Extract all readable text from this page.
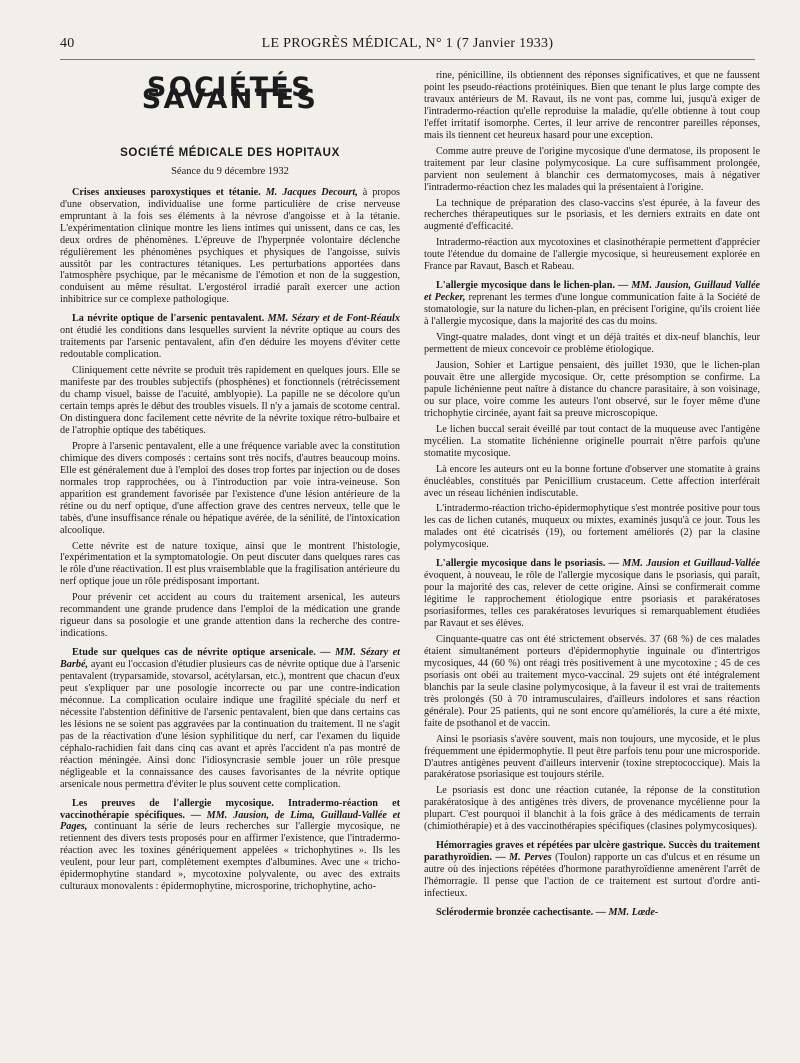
40	LE PROGRÈS MÉDICAL, N° 1 (7 Janvier 1933)
SOCIÉTÉS SAVANTES
SOCIÉTÉ MÉDICALE DES HOPITAUX
Séance du 9 décembre 1932

Crises anxieuses paroxystiques et tétanie. M. Jacques Decourt, à propos d'une observation, individualise une forme particulière de crise nerveuse empruntant à la fois ses éléments à la névrose d'angoisse et à la tétanie. L'expérimentation clinique montre les liens intimes qui unissent, dans ce cas, les deux ordres de phénomènes. L'épreuve de l'hyperpnée volontaire déclenche régulièrement les phénomènes psychiques et physiques de l'angoisse, suivis aussitôt par les contractures tétaniques. Les perturbations apportées dans l'atmosphère psychique, par le mécanisme de l'émotion et non de la suggestion, conduisent au même résultat. L'ergostérol irradié paraît exercer une action inhibitrice sur ce complexe pathologique.

La névrite optique de l'arsenic pentavalent. MM. Sézary et de Font-Réaulx ont étudié les conditions dans lesquelles survient la névrite optique au cours des traitements par l'arsenic pentavalent, afin d'en déduire les moyens d'éviter cette redoutable complication.

Cliniquement cette névrite se produit très rapidement en quelques jours. Elle se manifeste par des troubles subjectifs (phosphènes) et fonctionnels (rétrécissement du champ visuel, baisse de l'acuité, amblyopie). La papille ne se décolore qu'un certain temps après le début des troubles visuels. Il n'y a jamais de scotome central. On distinguera donc facilement cette névrite de la névrite toxique rétro-bulbaire et de l'atrophie optique des tabétiques.

Propre à l'arsenic pentavalent, elle a une fréquence variable avec la constitution chimique des divers composés : certains sont très nocifs, d'autres beaucoup moins. Elle est généralement due à l'emploi des doses trop fortes par injection ou de doses normales trop rapprochées, ou à l'introduction par voie intra-veineuse. Son apparition est grandement favorisée par l'existence d'une lésion antérieure de la rétine ou du nerf optique, d'une affection grave des centres nerveux, telle que le tabès, d'une insuffisance rénale ou hépatique avérée, de la sénilité, de l'intoxication alcoolique.

Cette névrite est de nature toxique, ainsi que le montrent l'histologie, l'expérimentation et la symptomatologie. On peut discuter dans quelques rares cas le rôle d'une réactivation. Il est plus vraisemblable que la fragilisation antérieure du nerf optique joue un rôle prédisposant important.

Pour prévenir cet accident au cours du traitement arsenical, les auteurs recommandent une grande prudence dans l'emploi de la médication une grande rigueur dans sa posologie et une grande attention dans la recherche des contre-indications.

Etude sur quelques cas de névrite optique arsenicale. — MM. Sézary et Barbé, ayant eu l'occasion d'étudier plusieurs cas de névrite optique due à l'arsenic pentavalent (tryparsamide, stovarsol, acétylarsan, etc.), montrent que chacun d'eux peut s'expliquer par une posologie incorrecte ou par une contre-indication méconnue. La complication oculaire indique une fragilité spéciale du nerf et nécessite l'abstention définitive de l'arsenic pentavalent, bien que dans certains cas les lésions ne se soient pas aggravées par la continuation du traitement. Il ne s'agit pas de la réactivation d'une lésion syphilitique du nerf, car l'examen du liquide céphalo-rachidien fait dans cinq cas avant et après l'accident n'a pas montré de réaction méningée. Ainsi donc l'idiosyncrasie semble jouer un rôle presque négligeable et la connaissance des causes favorisantes de la névrite optique arsenicale nous permettra d'éviter le plus souvent cette complication.

Les preuves de l'allergie mycosique. Intradermo-réaction et vaccinothérapie spécifiques. — MM. Jausion, de Lima, Guillaud-Vallée et Pages, continuant la série de leurs recherches sur l'allergie mycosique, ne retiennent des divers tests proposés pour en affirmer l'existence, que l'intradermo-réaction avec les toxines génériquement appelées « trichophytines ». Ils les veulent, pour leur part, complètement exemptes d'albumines. Avec une « tricho-épidermophytine standard », mycotoxine polyvalente, ou avec des extraits culturaux monovalents : épidermophytine, microsporine, trichophytine, acho-

rine, pénicilline, ils obtiennent des réponses significatives, et que ne faussent point les pseudo-réactions protéiniques. Bien que tenant le plus large compte des travaux antérieurs de M. Ravaut, ils ne vont pas, comme lui, jusqu'à exiger de l'intradermo-réaction qu'elle reproduise la maladie, qu'elle obtienne à tout coup l'effet irritatif isomorphe. Certes, il leur arrive de rencontrer pareilles réponses, mais ils tiennent cet heureux hasard pour une exception.

Comme autre preuve de l'origine mycosique d'une dermatose, ils proposent le traitement par leur clasine polymycosique. La cure suffisamment prolongée, parvient non seulement à blanchir ces dermatomycoses, mais à négativer l'intradermo-réaction chez les malades qui la présentaient à l'origine.

La technique de préparation des claso-vaccins s'est épurée, à la faveur des recherches thérapeutiques sur le psoriasis, et les derniers extraits en date ont augmenté d'efficacité.

Intradermo-réaction aux mycotoxines et clasinothérapie permettent d'apprécier toute l'étendue du domaine de l'allergie mycosique, si heureusement explorée en France par Ravaut, Basch et Rabeau.

L'allergie mycosique dans le lichen-plan. — MM. Jausion, Guillaud Vallée et Pecker, reprenant les termes d'une longue communication faite à la Société de stomatologie, sur la nature du lichen-plan, en précisent l'origine, qu'ils croient liée à l'allergie mycosique, dans la majorité des cas du moins.

Vingt-quatre malades, dont vingt et un déjà traités et dix-neuf blanchis, leur permettent de mieux concevoir ce problème étiologique.

Jausion, Sohier et Lartigue pensaient, dès juillet 1930, que le lichen-plan pouvait être une allergide mycosique. Or, cette présomption se confirme. La papule lichénienne peut naître à distance du chancre parasitaire, à son voisinage, ou sur place, voire comme les auteurs l'ont observé, sur le foyer même d'une trichophytie circinée, ayant fait sa preuve microscopique.

Le lichen buccal serait éveillé par tout contact de la muqueuse avec l'antigène mycélien. La stomatite lichénienne originelle pourrait n'être parfois qu'une stomatite mycosique.

Là encore les auteurs ont eu la bonne fortune d'observer une stomatite à grains énucléables, constitués par Penicillium crustaceum. Cette affection interférait avec un réseau lichénien indiscutable.

L'intradermo-réaction tricho-épidermophytique s'est montrée positive pour tous les cas de lichen cutanés, muqueux ou mixtes, examinés jusqu'à ce jour. Tous les malades ont été cicatrisés (19), ou fortement améliorés (2) par la clasine polymycosique.

L'allergie mycosique dans le psoriasis. — MM. Jausion et Guillaud-Vallée évoquent, à nouveau, le rôle de l'allergie mycosique dans le psoriasis, qui paraît, pour la majorité des cas, relever de cette origine. Ainsi se confirmerait comme légitime le rapprochement étiologique entre psoriasis et parakératoses psoriasiformes, telles ces parakératoses levuriques si remarquablement étudiées par Ravaut et ses élèves.

Cinquante-quatre cas ont été strictement observés. 37 (68 %) de ces malades étaient simultanément porteurs d'épidermophytie inguinale ou d'intertrigos mycosiques, 44 (60 %) ont réagi très positivement à une mycotoxine ; 45 de ces psoriasis ont obéi au traitement myco-vaccinal. 29 sujets ont été intégralement blanchis par la seule clasine polymycosique, à la faveur il est vrai de traitements très prolongés (50 à 70 intramusculaires, d'ailleurs indolores et sans réaction générale). Pour 25 patients, qui ne sont encore qu'améliorés, la cure a été mixte, faite de psothanol et de vaccin.

Ainsi le psoriasis s'avère souvent, mais non toujours, une mycoside, et le plus fréquemment une épidermophytie. Il peut être parfois tenu pour une microsporide. D'autres antigènes peuvent d'ailleurs intervenir (toxine streptococcique). Mais la parakératose psoriasique est toujours stérile.

Le psoriasis est donc une réaction cutanée, la réponse de la constitution parakératosique à des antigènes très divers, de provenance mycélienne pour la plupart. C'est pourquoi il blanchit à la fois grâce à des médicaments de terrain (chimiothérapie) et à des vaccinothérapies spécifiques (clasines polymycosiques).

Hémorragies graves et répétées par ulcère gastrique. Succès du traitement parathyroïdien. — M. Perves (Toulon) rapporte un cas d'ulcus et en résume un autre où des injections répétées d'hormone parathyroïdienne amenèrent l'arrêt de l'hémorragie. Il pense que l'action de ce traitement est surtout d'ordre anti-infectieux.

Sclérodermie bronzée cachectisante. — MM. Lœde-
